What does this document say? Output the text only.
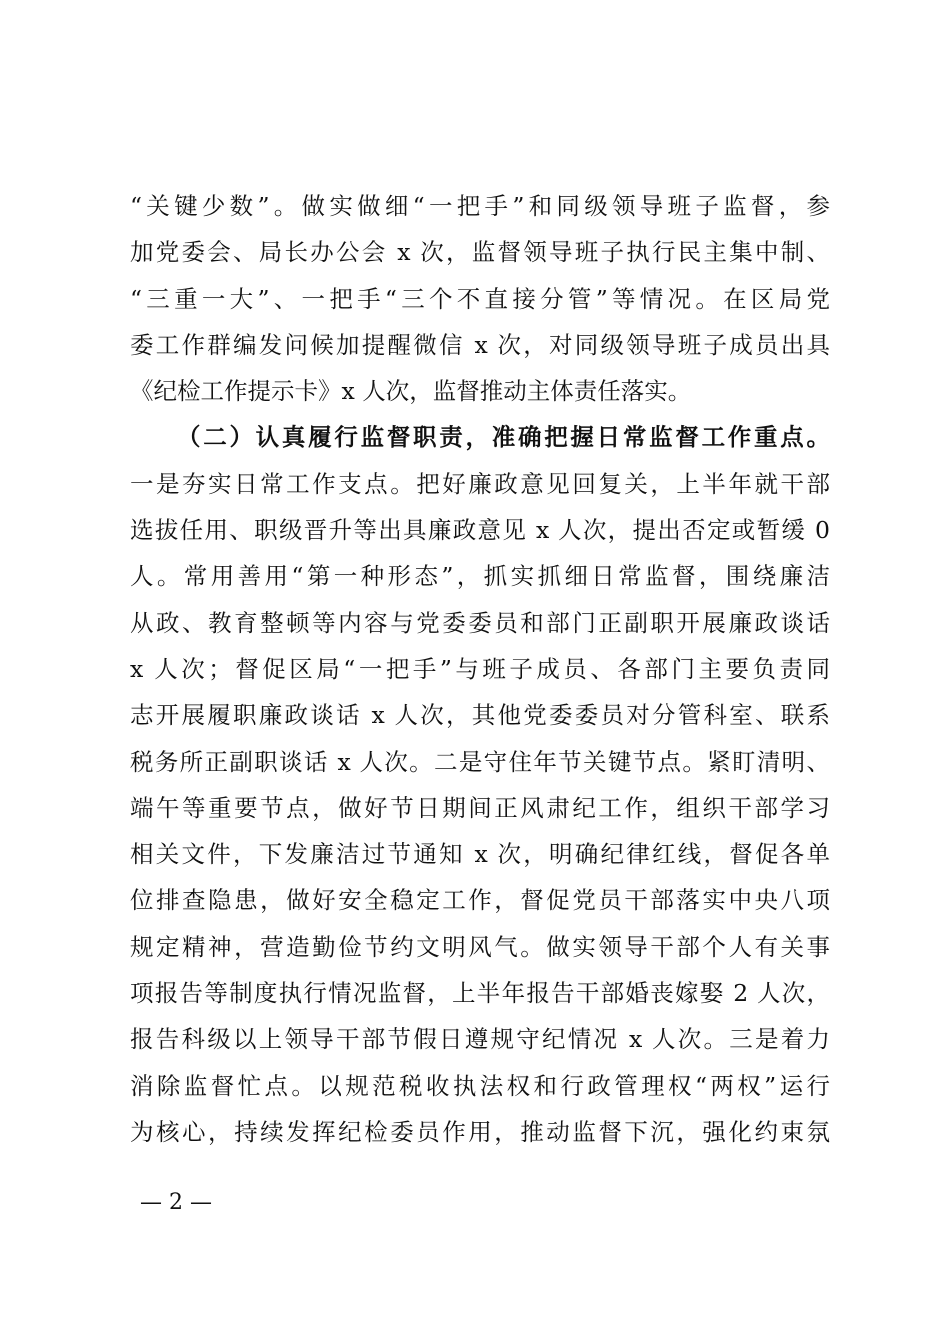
“关键少数”。做实做细“一把手”和同级领导班子监督，参
加党委会、局长办公会 x 次，监督领导班子执行民主集中制、
“三重一大”、一把手“三个不直接分管”等情况。在区局党
委工作群编发问候加提醒微信 x 次，对同级领导班子成员出具
《纪检工作提示卡》x 人次，监督推动主体责任落实。
（二）认真履行监督职责，准确把握日常监督工作重点。
一是夯实日常工作支点。把好廉政意见回复关，上半年就干部
选拔任用、职级晋升等出具廉政意见 x 人次，提出否定或暂缓 0
人。常用善用“第一种形态”，抓实抓细日常监督，围绕廉洁
从政、教育整顿等内容与党委委员和部门正副职开展廉政谈话
x 人次；督促区局“一把手”与班子成员、各部门主要负责同
志开展履职廉政谈话 x 人次，其他党委委员对分管科室、联系
税务所正副职谈话 x 人次。二是守住年节关键节点。紧盯清明、
端午等重要节点，做好节日期间正风肃纪工作，组织干部学习
相关文件，下发廉洁过节通知 x 次，明确纪律红线，督促各单
位排查隐患，做好安全稳定工作，督促党员干部落实中央八项
规定精神，营造勤俭节约文明风气。做实领导干部个人有关事
项报告等制度执行情况监督，上半年报告干部婚丧嫁娶 2 人次，
报告科级以上领导干部节假日遵规守纪情况 x 人次。三是着力
消除监督忙点。以规范税收执法权和行政管理权“两权”运行
为核心，持续发挥纪检委员作用，推动监督下沉，强化约束氛
— 2 —
